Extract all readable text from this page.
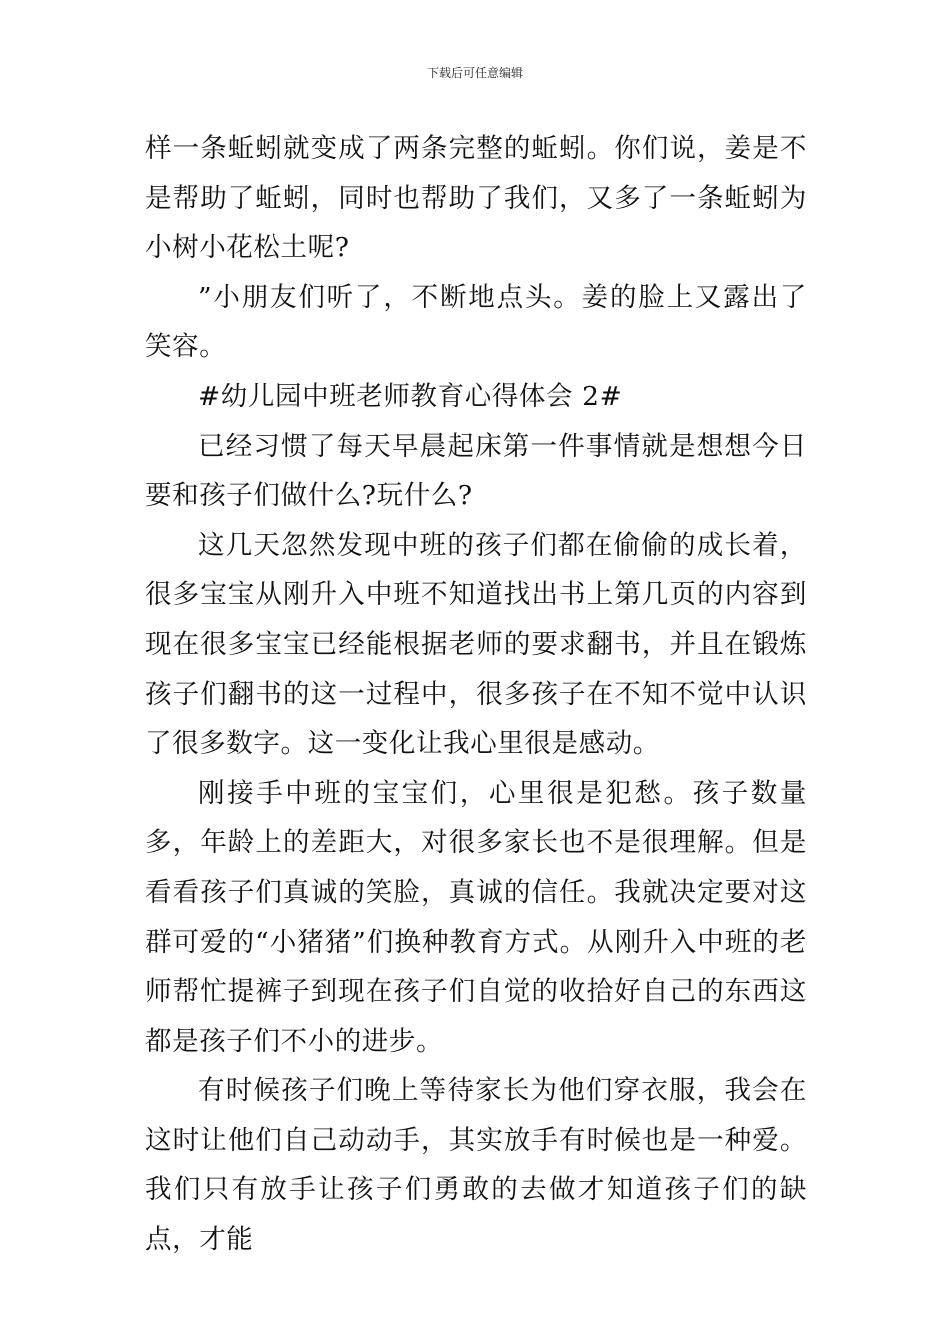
下载后可任意编辑

样一条蚯蚓就变成了两条完整的蚯蚓。你们说，姜是不是帮助了蚯蚓，同时也帮助了我们，又多了一条蚯蚓为小树小花松土呢?

”小朋友们听了，不断地点头。姜的脸上又露出了笑容。

#幼儿园中班老师教育心得体会 2#

已经习惯了每天早晨起床第一件事情就是想想今日要和孩子们做什么?玩什么?

这几天忽然发现中班的孩子们都在偷偷的成长着，很多宝宝从刚升入中班不知道找出书上第几页的内容到现在很多宝宝已经能根据老师的要求翻书，并且在锻炼孩子们翻书的这一过程中，很多孩子在不知不觉中认识了很多数字。这一变化让我心里很是感动。

刚接手中班的宝宝们，心里很是犯愁。孩子数量多，年龄上的差距大，对很多家长也不是很理解。但是看看孩子们真诚的笑脸，真诚的信任。我就决定要对这群可爱的“小猪猪”们换种教育方式。从刚升入中班的老师帮忙提裤子到现在孩子们自觉的收拾好自己的东西这都是孩子们不小的进步。

有时候孩子们晚上等待家长为他们穿衣服，我会在这时让他们自己动动手，其实放手有时候也是一种爱。我们只有放手让孩子们勇敢的去做才知道孩子们的缺点，才能
